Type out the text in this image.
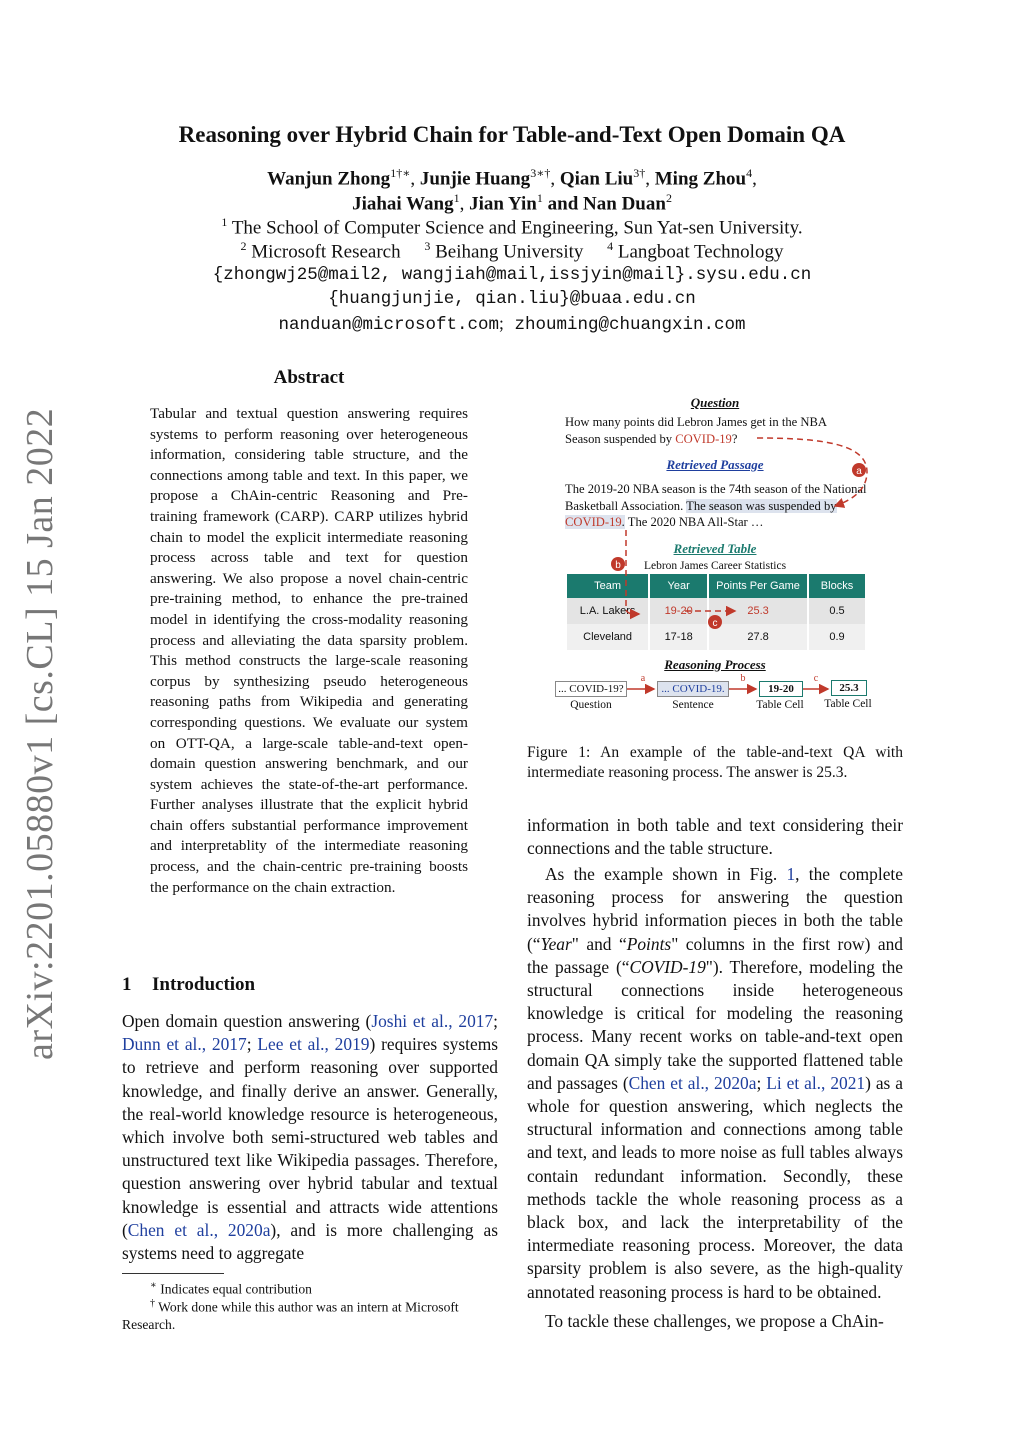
Reasoning over Hybrid Chain for Table-and-Text Open Domain QA
Wanjun Zhong$^{1\dagger∗}$, Junjie Huang$^{3∗\dagger}$, Qian Liu$^{3\dagger}$, Ming Zhou$^4$,
Jiahai Wang$^1$, Jian Yin$^1$ and Nan Duan$^2$
$^1$ The School of Computer Science and Engineering, Sun Yat-sen University.
$^2$ Microsoft Research $^3$ Beihang University $^4$ Langboat Technology
{zhongwj25@mail2, wangjiah@mail,issjyin@mail}.sysu.edu.cn
{huangjunjie, qian.liu}@buaa.edu.cn
nanduan@microsoft.com; zhouming@chuangxin.com
arXiv:2201.05880v1 [cs.CL] 15 Jan 2022
Abstract
Tabular and textual question answering requires systems to perform reasoning over heterogeneous information, considering table structure, and the connections among table and text. In this paper, we propose a ChAin-centric Reasoning and Pre-training framework (CARP). CARP utilizes hybrid chain to model the explicit intermediate reasoning process across table and text for question answering. We also propose a novel chain-centric pre-training method, to enhance the pre-trained model in identifying the cross-modality reasoning process and alleviating the data sparsity problem. This method constructs the large-scale reasoning corpus by synthesizing pseudo heterogeneous reasoning paths from Wikipedia and generating corresponding questions. We evaluate our system on OTT-QA, a large-scale table-and-text open-domain question answering benchmark, and our system achieves the state-of-the-art performance. Further analyses illustrate that the explicit hybrid chain offers substantial performance improvement and interpretablity of the intermediate reasoning process, and the chain-centric pre-training boosts the performance on the chain extraction.
1 Introduction
Open domain question answering (Joshi et al., 2017; Dunn et al., 2017; Lee et al., 2019) requires systems to retrieve and perform reasoning over supported knowledge, and finally derive an answer. Generally, the real-world knowledge resource is heterogeneous, which involve both semi-structured web tables and unstructured text like Wikipedia passages. Therefore, question answering over hybrid tabular and textual knowledge is essential and attracts wide attentions (Chen et al., 2020a), and is more challenging as systems need to aggregate
∗ Indicates equal contribution
† Work done while this author was an intern at Microsoft Research.
Question
How many points did Lebron James get in the NBA Season suspended by COVID-19?
Retrieved Passage
The 2019-20 NBA season is the 74th season of the National Basketball Association. The season was suspended by COVID-19. The 2020 NBA All-Star …
Retrieved Table
Lebron James Career Statistics
Team	Year	Points Per Game	Blocks
L.A. Lakers	19-20	25.3	0.5
Cleveland	17-18	27.8	0.9
Reasoning Process
... COVID-19?	... COVID-19.	19-20	25.3
Question	Sentence	Table Cell	Table Cell
a	b	c
a
b
c
Figure 1: An example of the table-and-text QA with intermediate reasoning process. The answer is 25.3.
information in both table and text considering their connections and the table structure.
As the example shown in Fig. 1, the complete reasoning process for answering the question involves hybrid information pieces in both the table (“Year" and “Points" columns in the first row) and the passage (“COVID-19"). Therefore, modeling the structural connections inside heterogeneous knowledge is critical for modeling the reasoning process. Many recent works on table-and-text open domain QA simply take the supported flattened table and passages (Chen et al., 2020a; Li et al., 2021) as a whole for question answering, which neglects the structural information and connections among table and text, and leads to more noise as full tables always contain redundant information. Secondly, these methods tackle the whole reasoning process as a black box, and lack the interpretability of the intermediate reasoning process. Moreover, the data sparsity problem is also severe, as the high-quality annotated reasoning process is hard to be obtained.
To tackle these challenges, we propose a ChAin-
